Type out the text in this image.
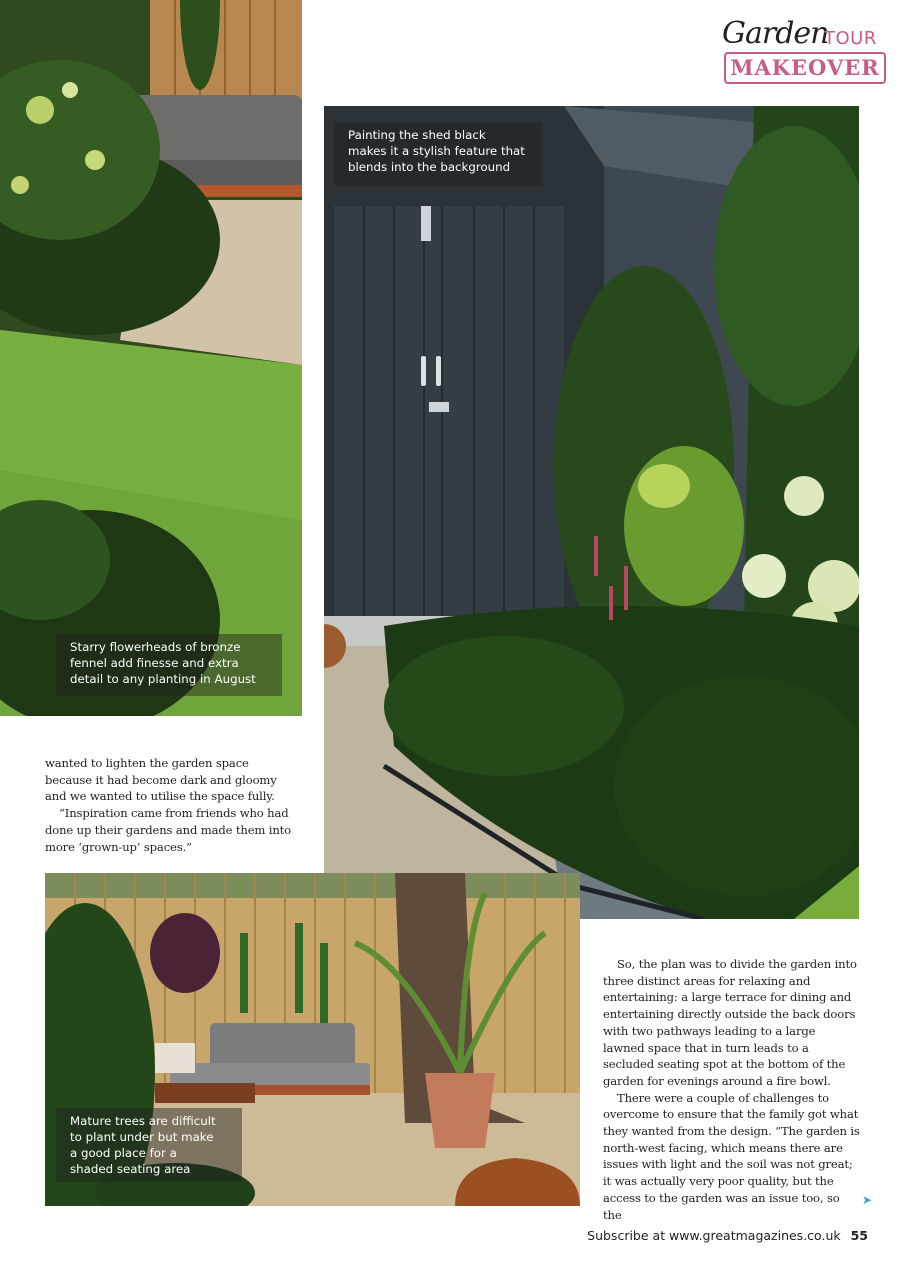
Garden
TOUR
MAKEOVER
Painting the shed black
makes it a stylish feature that
blends into the background
Starry flowerheads of bronze
fennel add finesse and extra
detail to any planting in August
Mature trees are difficult
to plant under but make
a good place for a
shaded seating area

wanted to lighten the garden space because it had become dark and gloomy and we wanted to utilise the space fully.

“Inspiration came from friends who had done up their gardens and made them into more ‘grown-up’ spaces.”

So, the plan was to divide the garden into three distinct areas for relaxing and entertaining: a large terrace for dining and entertaining directly outside the back doors with two pathways leading to a large lawned space that in turn leads to a secluded seating spot at the bottom of the garden for evenings around a fire bowl.

There were a couple of challenges to overcome to ensure that the family got what they wanted from the design. “The garden is north-west facing, which means there are issues with light and the soil was not great; it was actually very poor quality, but the access to the garden was an issue too, so the

➤
Subscribe at www.greatmagazines.co.uk 55
